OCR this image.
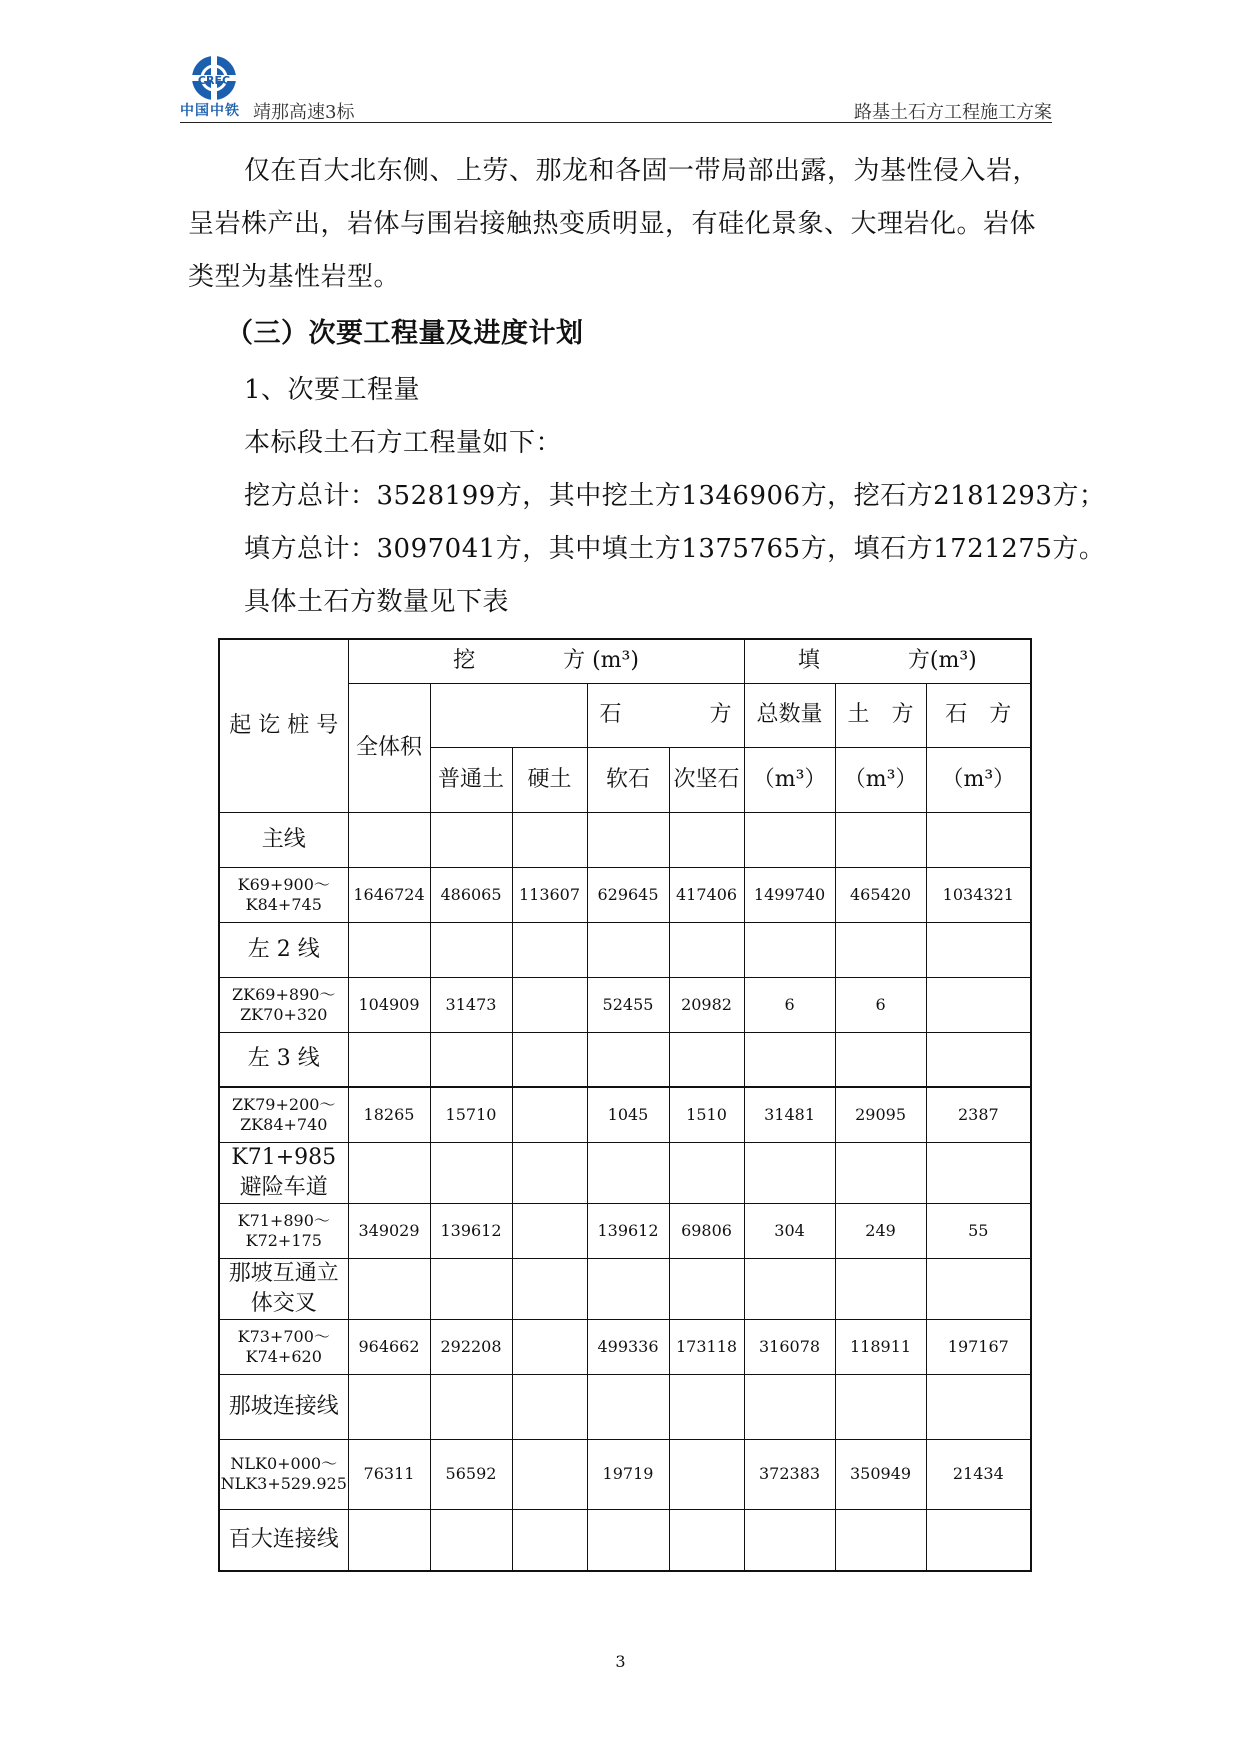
CREC
中国中铁 靖那高速3标	路基土石方工程施工方案

仅在百大北东侧、上劳、那龙和各固一带局部出露，为基性侵入岩，

呈岩株产出，岩体与围岩接触热变质明显，有硅化景象、大理岩化。岩体

类型为基性岩型。

（三）次要工程量及进度计划

1、次要工程量

本标段土石方工程量如下：

挖方总计：3528199方，其中挖土方1346906方，挖石方2181293方；

填方总计：3097041方，其中填土方1375765方，填石方1721275方。

具体土石方数量见下表

起 讫 桩 号	挖　　　　方 (m³)					填　　　　方(m³)		
	全体积			石　　　　方		总数量	土　方	石　方
		普通土	硬土	软石	次坚石	（m³）	（m³）	（m³）
主线								
K69+900～K84+745	1646724	486065	113607	629645	417406	1499740	465420	1034321
左 2 线								
ZK69+890～ZK70+320	104909	31473		52455	20982	6	6	
左 3 线								
ZK79+200～ZK84+740	18265	15710		1045	1510	31481	29095	2387
K71+985 避险车道								
K71+890～K72+175	349029	139612		139612	69806	304	249	55
那坡互通立体交叉								
K73+700～K74+620	964662	292208		499336	173118	316078	118911	197167
那坡连接线								
NLK0+000～NLK3+529.925	76311	56592		19719		372383	350949	21434
百大连接线								
3
